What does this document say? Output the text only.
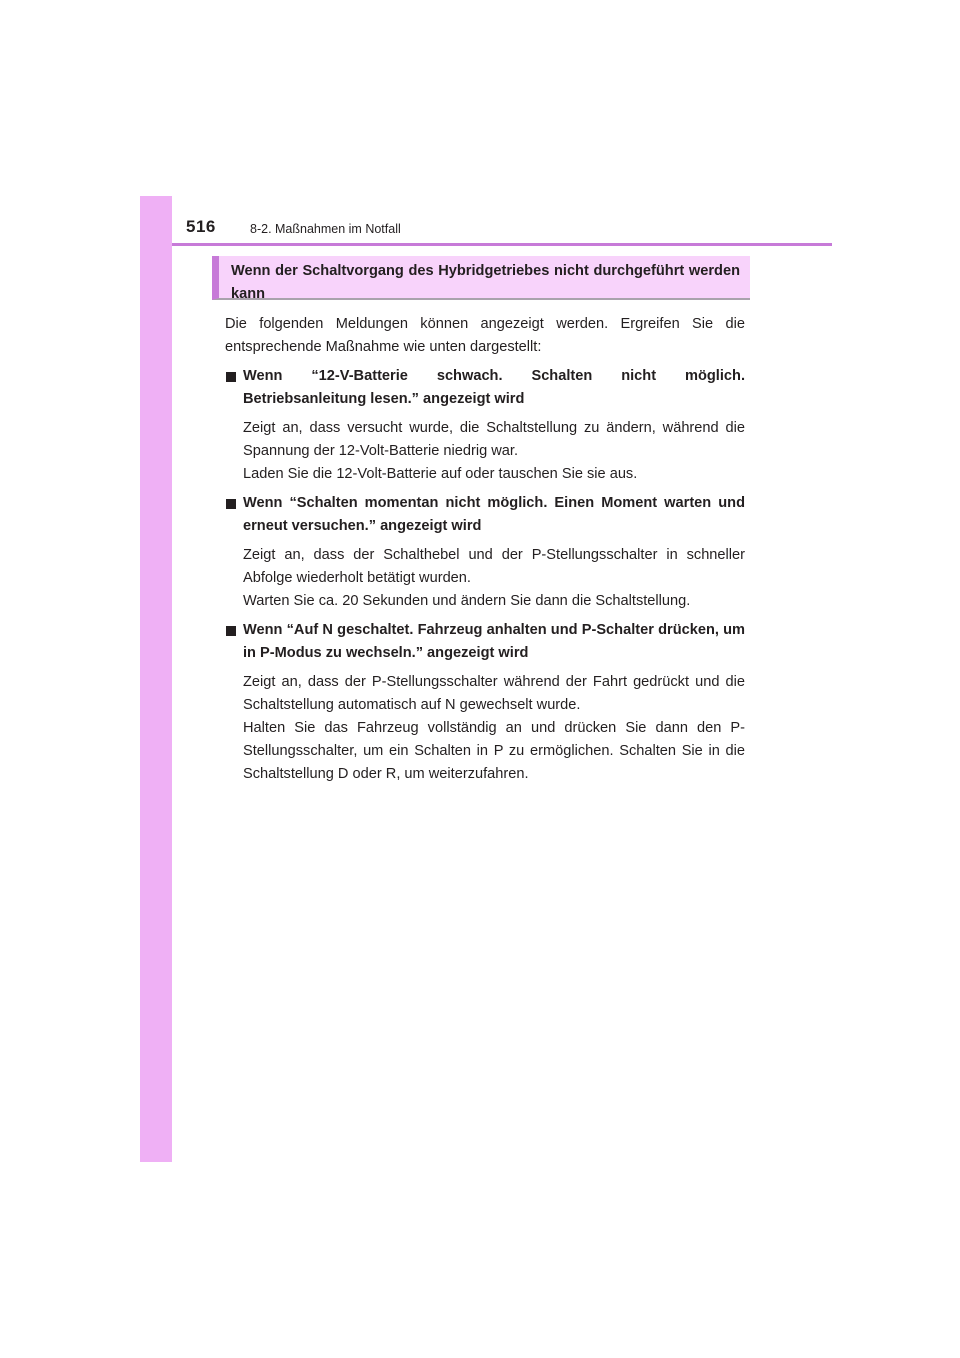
516	8-2. Maßnahmen im Notfall
Wenn der Schaltvorgang des Hybridgetriebes nicht durchgeführt werden kann

Die folgenden Meldungen können angezeigt werden. Ergreifen Sie die entsprechende Maßnahme wie unten dargestellt:

Wenn “12-V-Batterie schwach. Schalten nicht möglich. Betriebsanleitung lesen.” angezeigt wird

Zeigt an, dass versucht wurde, die Schaltstellung zu ändern, während die Spannung der 12-Volt-Batterie niedrig war.

Laden Sie die 12-Volt-Batterie auf oder tauschen Sie sie aus.

Wenn “Schalten momentan nicht möglich. Einen Moment warten und erneut versuchen.” angezeigt wird

Zeigt an, dass der Schalthebel und der P-Stellungsschalter in schneller Abfolge wiederholt betätigt wurden.

Warten Sie ca. 20 Sekunden und ändern Sie dann die Schaltstellung.

Wenn “Auf N geschaltet. Fahrzeug anhalten und P-Schalter drücken, um in P-Modus zu wechseln.” angezeigt wird

Zeigt an, dass der P-Stellungsschalter während der Fahrt gedrückt und die Schaltstellung automatisch auf N gewechselt wurde.

Halten Sie das Fahrzeug vollständig an und drücken Sie dann den P-Stellungsschalter, um ein Schalten in P zu ermöglichen. Schalten Sie in die Schaltstellung D oder R, um weiterzufahren.
